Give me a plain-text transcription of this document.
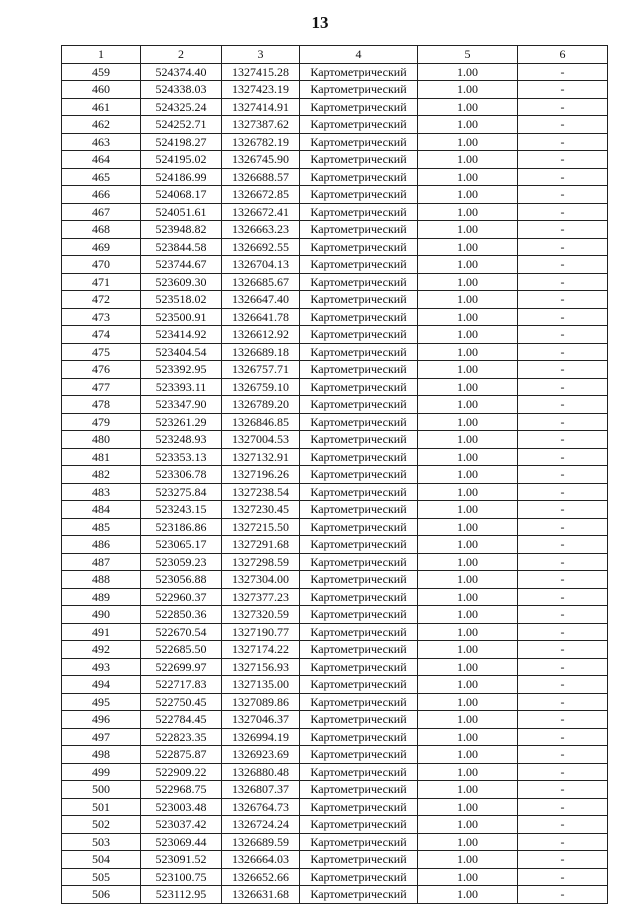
13
1	2	3	4	5	6
459	524374.40	1327415.28	Картометрический	1.00	-
460	524338.03	1327423.19	Картометрический	1.00	-
461	524325.24	1327414.91	Картометрический	1.00	-
462	524252.71	1327387.62	Картометрический	1.00	-
463	524198.27	1326782.19	Картометрический	1.00	-
464	524195.02	1326745.90	Картометрический	1.00	-
465	524186.99	1326688.57	Картометрический	1.00	-
466	524068.17	1326672.85	Картометрический	1.00	-
467	524051.61	1326672.41	Картометрический	1.00	-
468	523948.82	1326663.23	Картометрический	1.00	-
469	523844.58	1326692.55	Картометрический	1.00	-
470	523744.67	1326704.13	Картометрический	1.00	-
471	523609.30	1326685.67	Картометрический	1.00	-
472	523518.02	1326647.40	Картометрический	1.00	-
473	523500.91	1326641.78	Картометрический	1.00	-
474	523414.92	1326612.92	Картометрический	1.00	-
475	523404.54	1326689.18	Картометрический	1.00	-
476	523392.95	1326757.71	Картометрический	1.00	-
477	523393.11	1326759.10	Картометрический	1.00	-
478	523347.90	1326789.20	Картометрический	1.00	-
479	523261.29	1326846.85	Картометрический	1.00	-
480	523248.93	1327004.53	Картометрический	1.00	-
481	523353.13	1327132.91	Картометрический	1.00	-
482	523306.78	1327196.26	Картометрический	1.00	-
483	523275.84	1327238.54	Картометрический	1.00	-
484	523243.15	1327230.45	Картометрический	1.00	-
485	523186.86	1327215.50	Картометрический	1.00	-
486	523065.17	1327291.68	Картометрический	1.00	-
487	523059.23	1327298.59	Картометрический	1.00	-
488	523056.88	1327304.00	Картометрический	1.00	-
489	522960.37	1327377.23	Картометрический	1.00	-
490	522850.36	1327320.59	Картометрический	1.00	-
491	522670.54	1327190.77	Картометрический	1.00	-
492	522685.50	1327174.22	Картометрический	1.00	-
493	522699.97	1327156.93	Картометрический	1.00	-
494	522717.83	1327135.00	Картометрический	1.00	-
495	522750.45	1327089.86	Картометрический	1.00	-
496	522784.45	1327046.37	Картометрический	1.00	-
497	522823.35	1326994.19	Картометрический	1.00	-
498	522875.87	1326923.69	Картометрический	1.00	-
499	522909.22	1326880.48	Картометрический	1.00	-
500	522968.75	1326807.37	Картометрический	1.00	-
501	523003.48	1326764.73	Картометрический	1.00	-
502	523037.42	1326724.24	Картометрический	1.00	-
503	523069.44	1326689.59	Картометрический	1.00	-
504	523091.52	1326664.03	Картометрический	1.00	-
505	523100.75	1326652.66	Картометрический	1.00	-
506	523112.95	1326631.68	Картометрический	1.00	-
